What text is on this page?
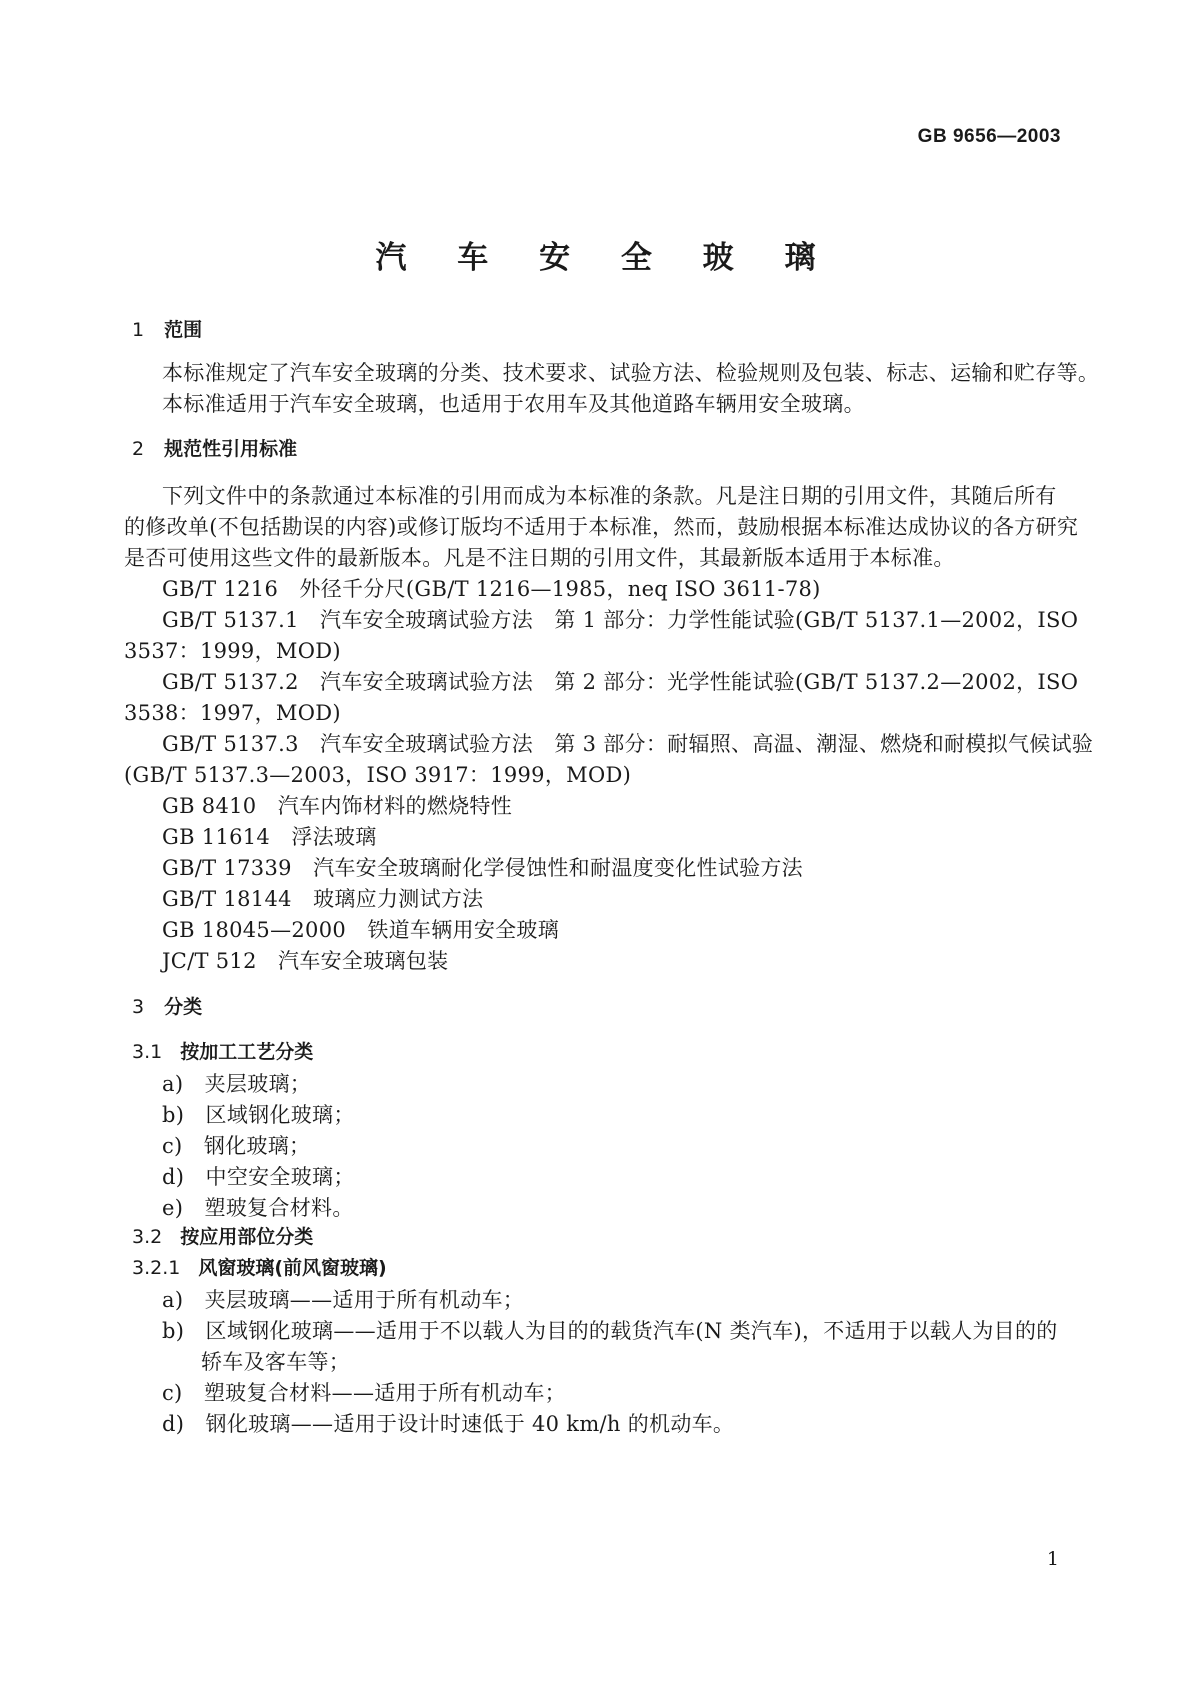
GB 9656—2003
汽 车 安 全 玻 璃
1 范围
本标准规定了汽车安全玻璃的分类、技术要求、试验方法、检验规则及包装、标志、运输和贮存等。
本标准适用于汽车安全玻璃，也适用于农用车及其他道路车辆用安全玻璃。
2 规范性引用标准
下列文件中的条款通过本标准的引用而成为本标准的条款。凡是注日期的引用文件，其随后所有
的修改单(不包括勘误的内容)或修订版均不适用于本标准，然而，鼓励根据本标准达成协议的各方研究
是否可使用这些文件的最新版本。凡是不注日期的引用文件，其最新版本适用于本标准。
GB/T 1216　外径千分尺(GB/T 1216—1985，neq ISO 3611-78)
GB/T 5137.1　汽车安全玻璃试验方法　第 1 部分：力学性能试验(GB/T 5137.1—2002，ISO
3537：1999，MOD)
GB/T 5137.2　汽车安全玻璃试验方法　第 2 部分：光学性能试验(GB/T 5137.2—2002，ISO
3538：1997，MOD)
GB/T 5137.3　汽车安全玻璃试验方法　第 3 部分：耐辐照、高温、潮湿、燃烧和耐模拟气候试验
(GB/T 5137.3—2003，ISO 3917：1999，MOD)
GB 8410　汽车内饰材料的燃烧特性
GB 11614　浮法玻璃
GB/T 17339　汽车安全玻璃耐化学侵蚀性和耐温度变化性试验方法
GB/T 18144　玻璃应力测试方法
GB 18045—2000　铁道车辆用安全玻璃
JC/T 512　汽车安全玻璃包装
3 分类
3.1 按加工工艺分类
a)　夹层玻璃；
b)　区域钢化玻璃；
c)　钢化玻璃；
d)　中空安全玻璃；
e)　塑玻复合材料。
3.2 按应用部位分类
3.2.1 风窗玻璃(前风窗玻璃)
a)　夹层玻璃——适用于所有机动车；
b)　区域钢化玻璃——适用于不以载人为目的的载货汽车(N 类汽车)，不适用于以载人为目的的
轿车及客车等；
c)　塑玻复合材料——适用于所有机动车；
d)　钢化玻璃——适用于设计时速低于 40 km/h 的机动车。
1
